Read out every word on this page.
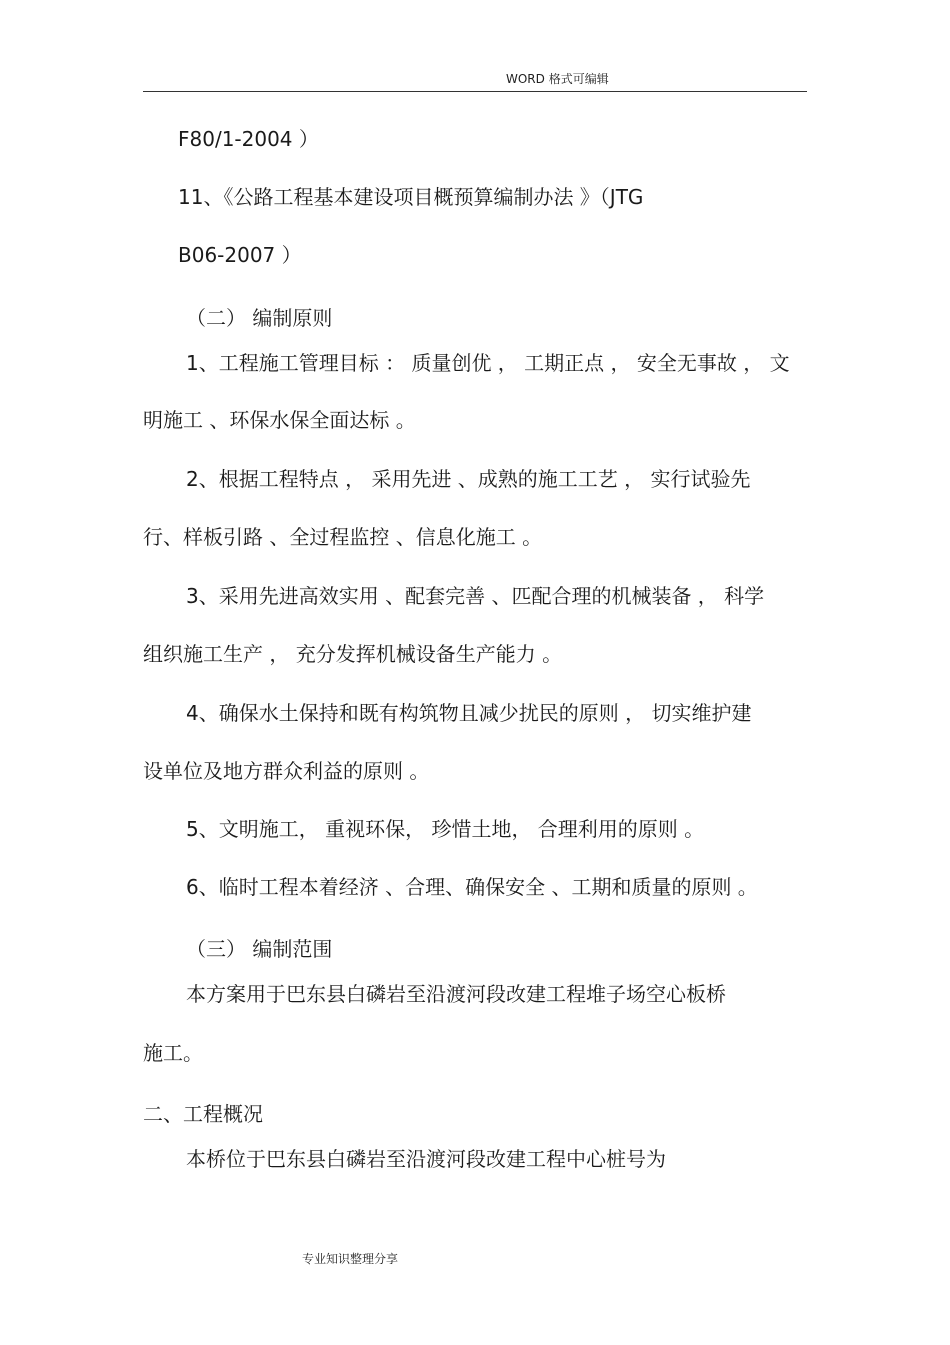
WORD 格式可编辑
F80/1-2004 ）
11、《公路工程基本建设项目概预算编制办法 》（JTG
B06-2007 ）
（二） 编制原则
1、工程施工管理目标 ： 质量创优 ， 工期正点 ， 安全无事故 ， 文
明施工 、环保水保全面达标 。
2、根据工程特点 ， 采用先进 、成熟的施工工艺 ， 实行试验先
行、样板引路 、全过程监控 、信息化施工 。
3、采用先进高效实用 、配套完善 、匹配合理的机械装备 ， 科学
组织施工生产 ， 充分发挥机械设备生产能力 。
4、确保水土保持和既有构筑物且减少扰民的原则 ， 切实维护建
设单位及地方群众利益的原则 。
5、文明施工， 重视环保， 珍惜土地， 合理利用的原则 。
6、临时工程本着经济 、合理、确保安全 、工期和质量的原则 。
（三） 编制范围
本方案用于巴东县白磷岩至沿渡河段改建工程堆子场空心板桥
施工。
二、工程概况
本桥位于巴东县白磷岩至沿渡河段改建工程中心桩号为
专业知识整理分享
